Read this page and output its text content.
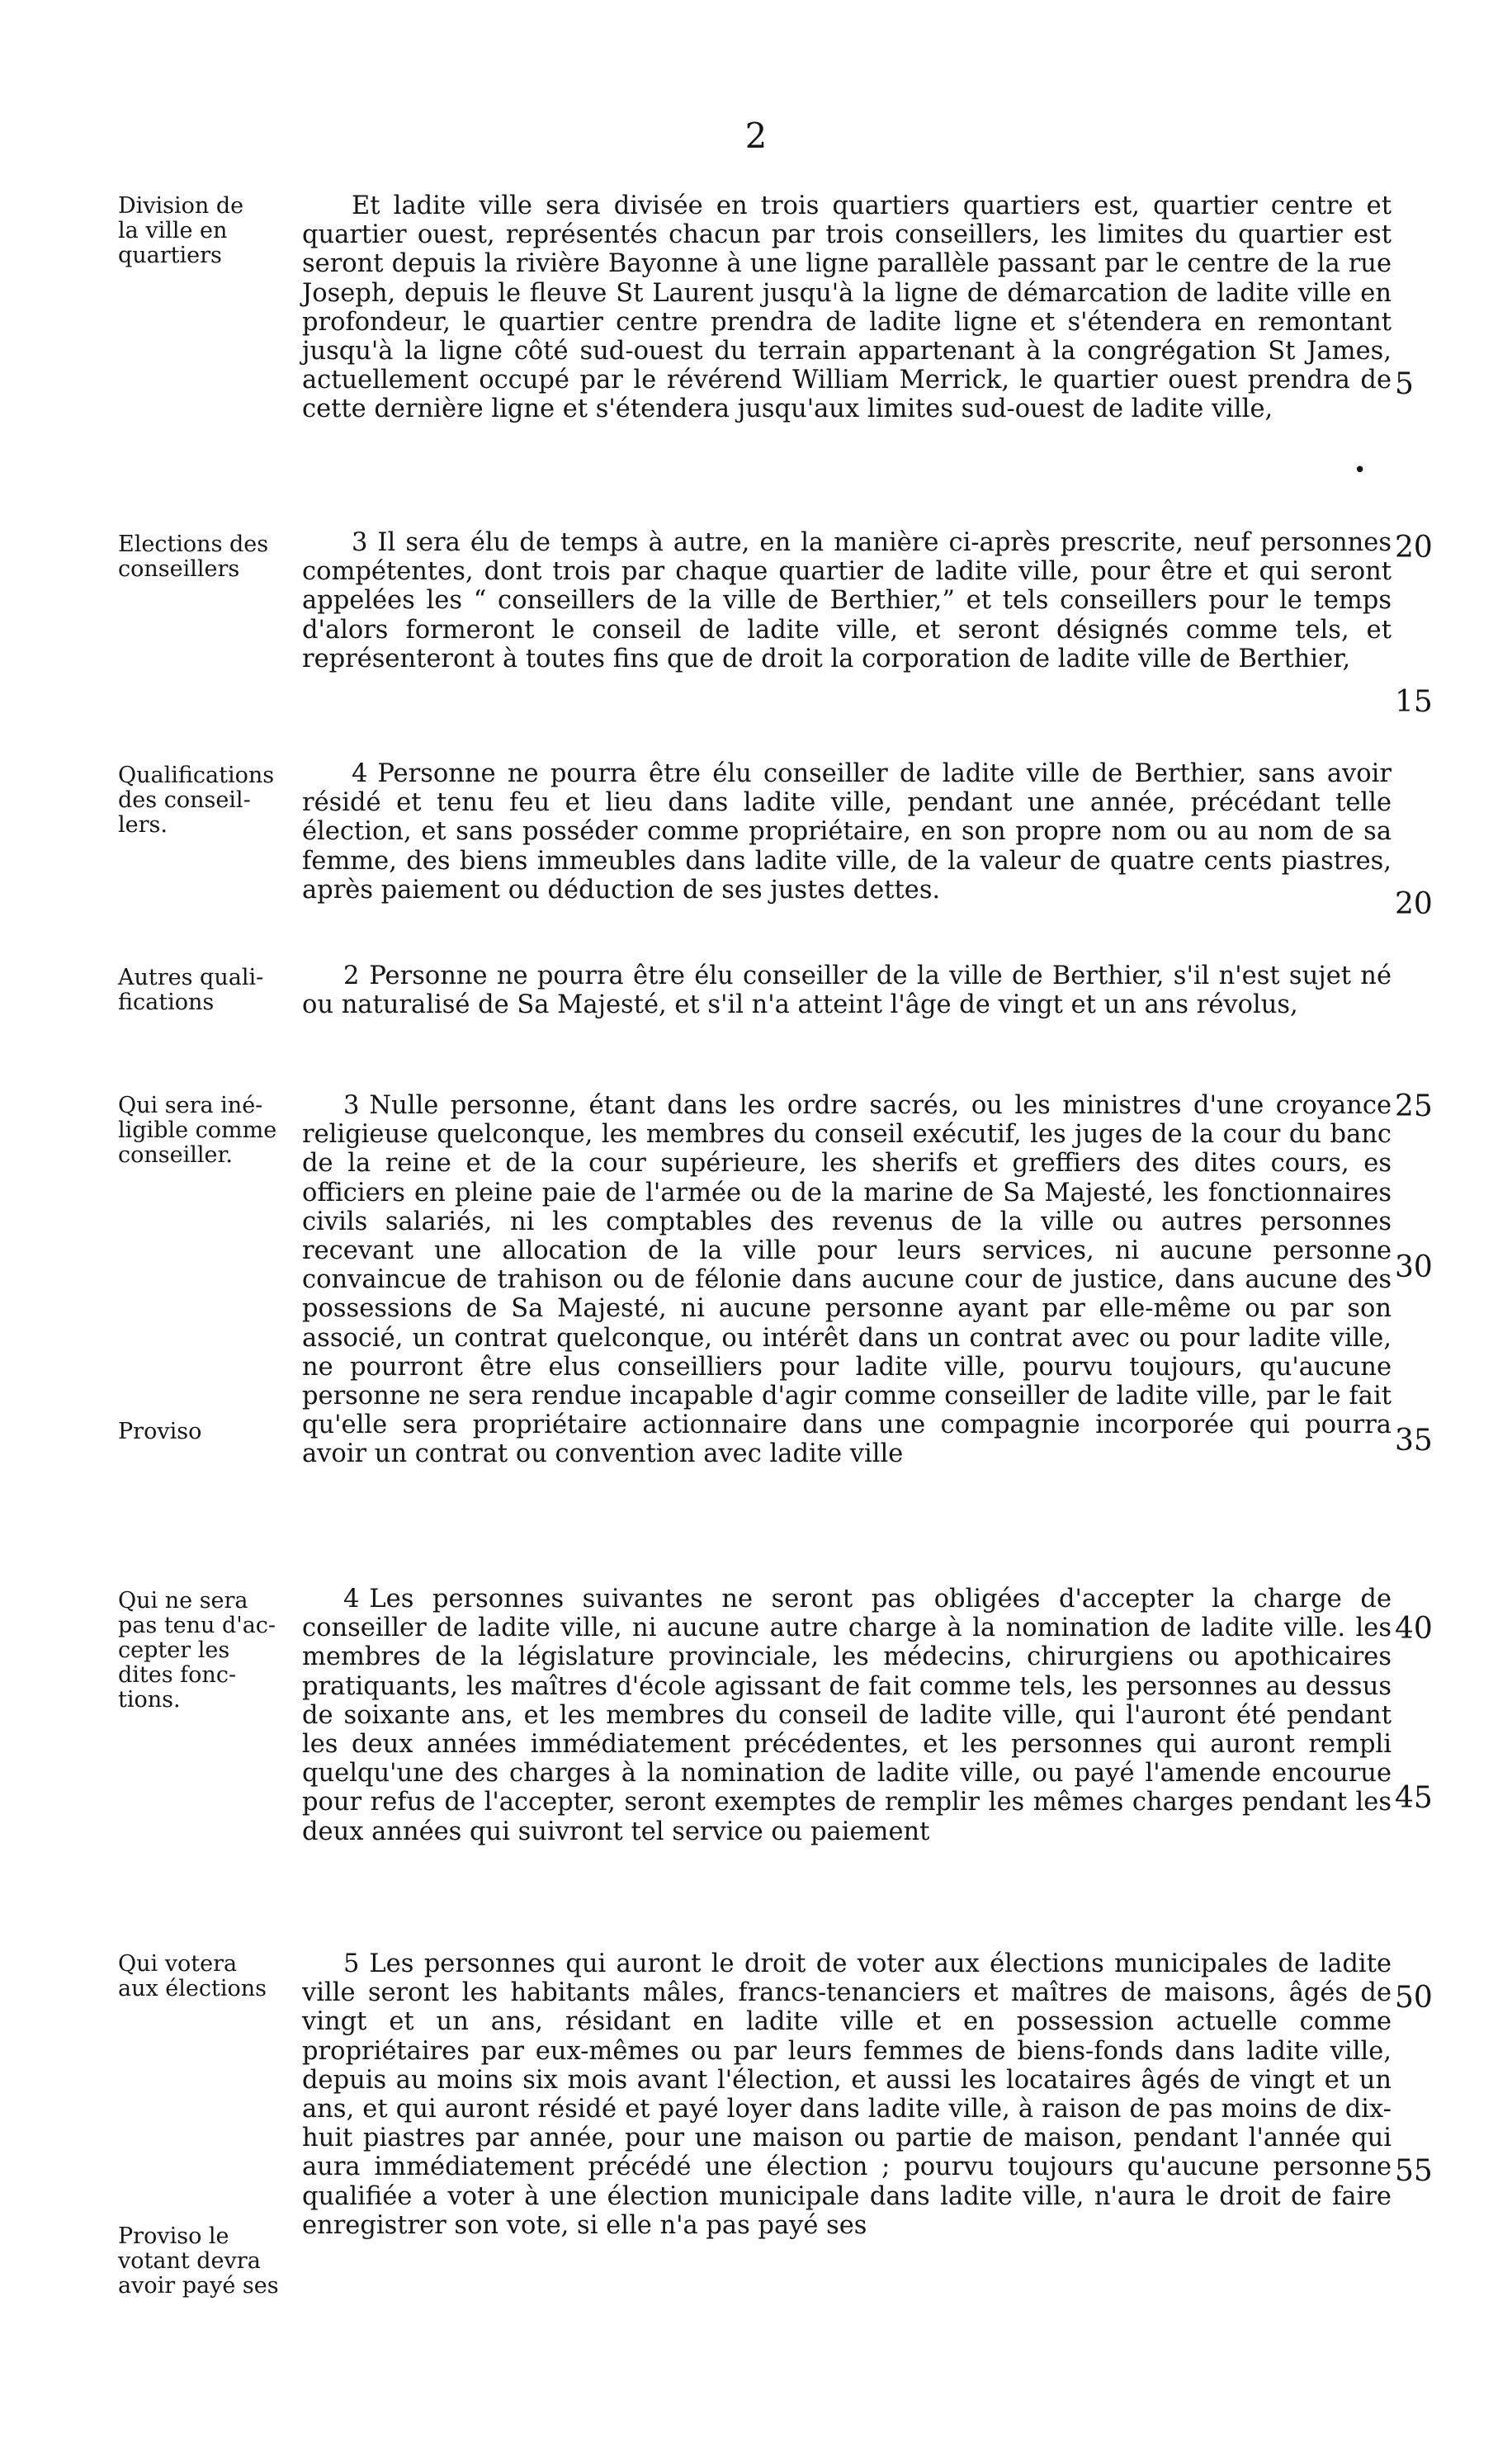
2
Division de
la ville en
quartiers
Et ladite ville sera divisée en trois quartiers quartiers est, quartier centre et quartier ouest, représentés chacun par trois conseillers, les limites du quartier est seront depuis la rivière Bayonne à une ligne parallèle passant par le centre de la rue Joseph, depuis le fleuve St Laurent jusqu'à la ligne de démarcation de ladite ville en profondeur, le quartier centre prendra de ladite ligne et s'étendera en remontant jusqu'à la ligne côté sud-ouest du terrain appartenant à la congrégation St James, actuellement occupé par le révérend William Merrick, le quartier ouest prendra de cette dernière ligne et s'étendera jusqu'aux limites sud-ouest de ladite ville,
•
Elections des
conseillers
3 Il sera élu de temps à autre, en la manière ci-après prescrite, neuf personnes compétentes, dont trois par chaque quartier de ladite ville, pour être et qui seront appelées les “ conseillers de la ville de Berthier,” et tels conseillers pour le temps d'alors formeront le conseil de ladite ville, et seront désignés comme tels, et représenteront à toutes fins que de droit la corporation de ladite ville de Berthier,
Qualifications
des conseil-
lers.
4 Personne ne pourra être élu conseiller de ladite ville de Berthier, sans avoir résidé et tenu feu et lieu dans ladite ville, pendant une année, précédant telle élection, et sans posséder comme propriétaire, en son propre nom ou au nom de sa femme, des biens immeubles dans ladite ville, de la valeur de quatre cents piastres, après paiement ou déduction de ses justes dettes.
Autres quali-
fications
2 Personne ne pourra être élu conseiller de la ville de Berthier, s'il n'est sujet né ou naturalisé de Sa Majesté, et s'il n'a atteint l'âge de vingt et un ans révolus,
Qui sera iné-
ligible comme
conseiller.
3 Nulle personne, étant dans les ordre sacrés, ou les ministres d'une croyance religieuse quelconque, les membres du conseil exécutif, les juges de la cour du banc de la reine et de la cour supérieure, les sherifs et greffiers des dites cours, es officiers en pleine paie de l'armée ou de la marine de Sa Majesté, les fonctionnaires civils salariés, ni les comptables des revenus de la ville ou autres personnes recevant une allocation de la ville pour leurs services, ni aucune personne convaincue de trahison ou de félonie dans aucune cour de justice, dans aucune des possessions de Sa Majesté, ni aucune personne ayant par elle-même ou par son associé, un contrat quelconque, ou intérêt dans un contrat avec ou pour ladite ville, ne pourront être elus conseilliers pour ladite ville, pourvu toujours, qu'aucune personne ne sera rendue incapable d'agir comme conseiller de ladite ville, par le fait qu'elle sera propriétaire actionnaire dans une compagnie incorporée qui pourra avoir un contrat ou convention avec ladite ville
Proviso
Qui ne sera
pas tenu d'ac-
cepter les
dites fonc-
tions.
4 Les personnes suivantes ne seront pas obligées d'accepter la charge de conseiller de ladite ville, ni aucune autre charge à la nomination de ladite ville. les membres de la législature provinciale, les médecins, chirurgiens ou apothicaires pratiquants, les maîtres d'école agissant de fait comme tels, les personnes au dessus de soixante ans, et les membres du conseil de ladite ville, qui l'auront été pendant les deux années immédiatement précédentes, et les personnes qui auront rempli quelqu'une des charges à la nomination de ladite ville, ou payé l'amende encourue pour refus de l'accepter, seront exemptes de remplir les mêmes charges pendant les deux années qui suivront tel service ou paiement
Qui votera
aux élections
5 Les personnes qui auront le droit de voter aux élections municipales de ladite ville seront les habitants mâles, francs-tenanciers et maîtres de maisons, âgés de vingt et un ans, résidant en ladite ville et en possession actuelle comme propriétaires par eux-mêmes ou par leurs femmes de biens-fonds dans ladite ville, depuis au moins six mois avant l'élection, et aussi les locataires âgés de vingt et un ans, et qui auront résidé et payé loyer dans ladite ville, à raison de pas moins de dix-huit piastres par année, pour une maison ou partie de maison, pendant l'année qui aura immédiatement précédé une élection ; pourvu toujours qu'aucune personne qualifiée a voter à une élection municipale dans ladite ville, n'aura le droit de faire enregistrer son vote, si elle n'a pas payé ses
Proviso le
votant devra
avoir payé ses
5
20
15
20
25
30
35
40
45
50
55
